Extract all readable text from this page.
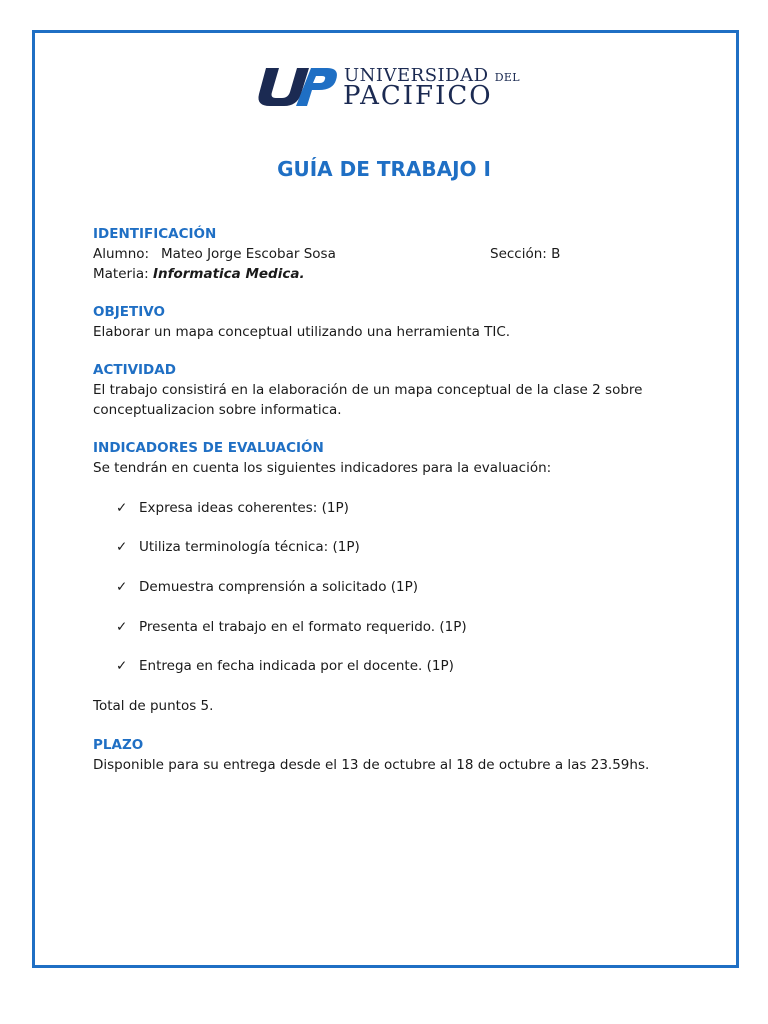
UNIVERSIDAD DEL
PACIFICO
GUÍA DE TRABAJO I
IDENTIFICACIÓN
Alumno: Mateo Jorge Escobar Sosa	Sección: B
Materia: Informatica Medica.
OBJETIVO
Elaborar un mapa conceptual utilizando una herramienta TIC.
ACTIVIDAD
El trabajo consistirá en la elaboración de un mapa conceptual de la clase 2 sobre
conceptualizacion sobre informatica.
INDICADORES DE EVALUACIÓN
Se tendrán en cuenta los siguientes indicadores para la evaluación:
✓ Expresa ideas coherentes: (1P)
✓ Utiliza terminología técnica: (1P)
✓ Demuestra comprensión a solicitado (1P)
✓ Presenta el trabajo en el formato requerido. (1P)
✓ Entrega en fecha indicada por el docente. (1P)
Total de puntos 5.
PLAZO
Disponible para su entrega desde el 13 de octubre al 18 de octubre a las 23.59hs.
